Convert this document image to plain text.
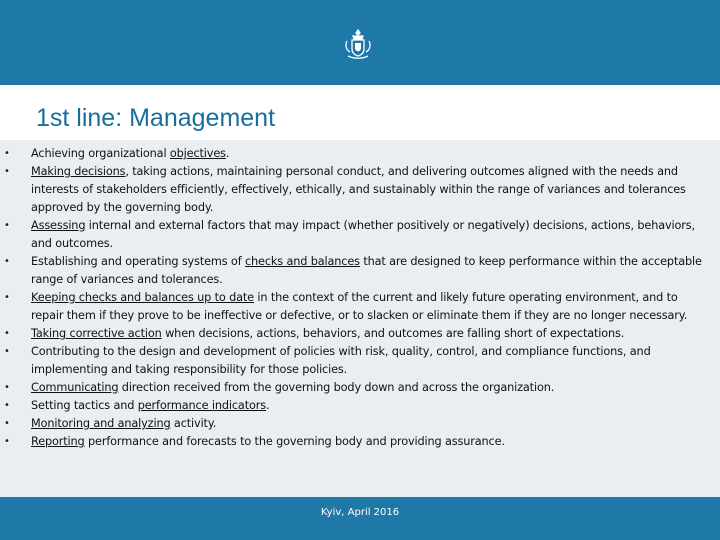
1st line: Management
• Achieving organizational objectives.
• Making decisions, taking actions, maintaining personal conduct, and delivering outcomes aligned with the needs and interests of stakeholders efficiently, effectively, ethically, and sustainably within the range of variances and tolerances approved by the governing body.
• Assessing internal and external factors that may impact (whether positively or negatively) decisions, actions, behaviors, and outcomes.
• Establishing and operating systems of checks and balances that are designed to keep performance within the acceptable range of variances and tolerances.
• Keeping checks and balances up to date in the context of the current and likely future operating environment, and to repair them if they prove to be ineffective or defective, or to slacken or eliminate them if they are no longer necessary.
• Taking corrective action when decisions, actions, behaviors, and outcomes are falling short of expectations.
• Contributing to the design and development of policies with risk, quality, control, and compliance functions, and implementing and taking responsibility for those policies.
• Communicating direction received from the governing body down and across the organization.
• Setting tactics and performance indicators.
• Monitoring and analyzing activity.
• Reporting performance and forecasts to the governing body and providing assurance.
Kyiv, April 2016
